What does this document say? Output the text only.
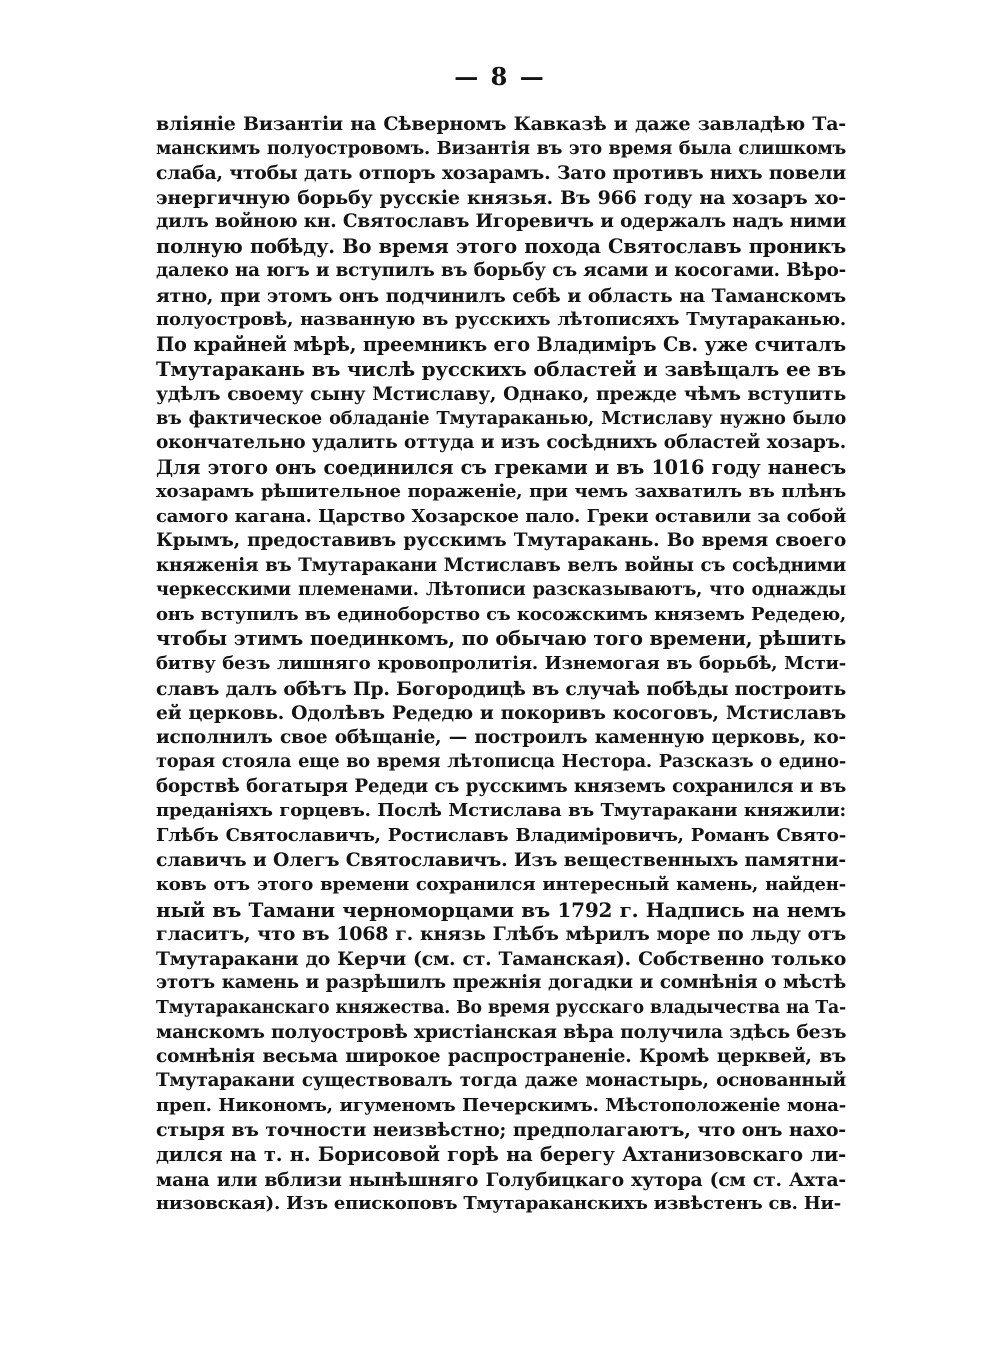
— 8 —
вліяніе Византіи на Сѣверномъ Кавказѣ и даже завладѣю Та-
манскимъ полуостровомъ. Византія въ это время была слишкомъ
слаба, чтобы дать отпоръ хозарамъ. Зато противъ нихъ повели
энергичную борьбу русскіе князья. Въ 966 году на хозаръ хо-
дилъ войною кн. Святославъ Игоревичъ и одержалъ надъ ними
полную побѣду. Во время этого похода Святославъ проникъ
далеко на югъ и вступилъ въ борьбу съ ясами и косогами. Вѣро-
ятно, при этомъ онъ подчинилъ себѣ и область на Таманскомъ
полуостровѣ, названную въ русскихъ лѣтописяхъ Тмутараканью.
По крайней мѣрѣ, преемникъ его Владиміръ Св. уже считалъ
Тмутаракань въ числѣ русскихъ областей и завѣщалъ ее въ
удѣлъ своему сыну Мстиславу, Однако, прежде чѣмъ вступить
въ фактическое обладаніе Тмутараканью, Мстиславу нужно было
окончательно удалить оттуда и изъ сосѣднихъ областей хозаръ.
Для этого онъ соединился съ греками и въ 1016 году нанесъ
хозарамъ рѣшительное пораженіе, при чемъ захватилъ въ плѣнъ
самого кагана. Царство Хозарское пало. Греки оставили за собой
Крымъ, предоставивъ русскимъ Тмутаракань. Во время своего
княженія въ Тмутаракани Мстиславъ велъ войны съ сосѣдними
черкесскими племенами. Лѣтописи разсказываютъ, что однажды
онъ вступилъ въ единоборство съ косожскимъ княземъ Редедею,
чтобы этимъ поединкомъ, по обычаю того времени, рѣшить
битву безъ лишняго кровопролитія. Изнемогая въ борьбѣ, Мсти-
славъ далъ обѣтъ Пр. Богородицѣ въ случаѣ побѣды построить
ей церковь. Одолѣвъ Редедю и покоривъ косоговъ, Мстиславъ
исполнилъ свое обѣщаніе, — построилъ каменную церковь, ко-
торая стояла еще во время лѣтописца Нестора. Разсказъ о едино-
борствѣ богатыря Редеди съ русскимъ княземъ сохранился и въ
преданіяхъ горцевъ. Послѣ Мстислава въ Тмутаракани княжили:
Глѣбъ Святославичъ, Ростиславъ Владиміровичъ, Романъ Свято-
славичъ и Олегъ Святославичъ. Изъ вещественныхъ памятни-
ковъ отъ этого времени сохранился интересный камень, найден-
ный въ Тамани черноморцами въ 1792 г. Надпись на немъ
гласитъ, что въ 1068 г. князь Глѣбъ мѣрилъ море по льду отъ
Тмутаракани до Керчи (см. ст. Таманская). Собственно только
этотъ камень и разрѣшилъ прежнія догадки и сомнѣнія о мѣстѣ
Тмутараканскаго княжества. Во время русскаго владычества на Та-
манскомъ полуостровѣ христіанская вѣра получила здѣсь безъ
сомнѣнія весьма широкое распространеніе. Кромѣ церквей, въ
Тмутаракани существовалъ тогда даже монастырь, основанный
преп. Никономъ, игуменомъ Печерскимъ. Мѣстоположеніе мона-
стыря въ точности неизвѣстно; предполагаютъ, что онъ нахо-
дился на т. н. Борисовой горѣ на берегу Ахтанизовскаго ли-
мана или вблизи нынѣшняго Голубицкаго хутора (см ст. Ахта-
низовская). Изъ епископовъ Тмутараканскихъ извѣстенъ св. Ни-
